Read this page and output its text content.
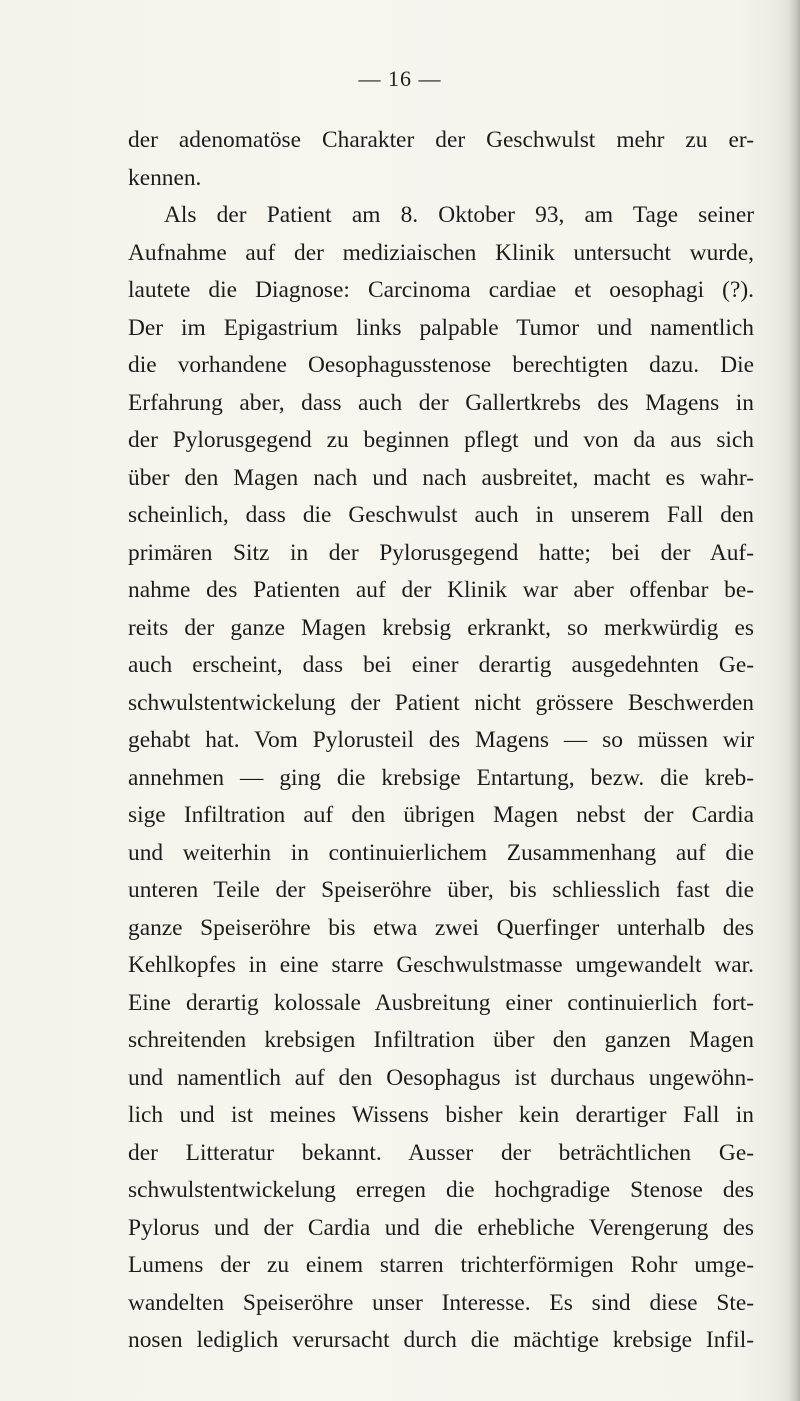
— 16 —
der adenomatöse Charakter der Geschwulst mehr zu er-
kennen.
Als der Patient am 8. Oktober 93, am Tage seiner
Aufnahme auf der mediziaischen Klinik untersucht wurde,
lautete die Diagnose: Carcinoma cardiae et oesophagi (?).
Der im Epigastrium links palpable Tumor und namentlich
die vorhandene Oesophagusstenose berechtigten dazu. Die
Erfahrung aber, dass auch der Gallertkrebs des Magens in
der Pylorusgegend zu beginnen pflegt und von da aus sich
über den Magen nach und nach ausbreitet, macht es wahr-
scheinlich, dass die Geschwulst auch in unserem Fall den
primären Sitz in der Pylorusgegend hatte; bei der Auf-
nahme des Patienten auf der Klinik war aber offenbar be-
reits der ganze Magen krebsig erkrankt, so merkwürdig es
auch erscheint, dass bei einer derartig ausgedehnten Ge-
schwulstentwickelung der Patient nicht grössere Beschwerden
gehabt hat. Vom Pylorusteil des Magens — so müssen wir
annehmen — ging die krebsige Entartung, bezw. die kreb-
sige Infiltration auf den übrigen Magen nebst der Cardia
und weiterhin in continuierlichem Zusammenhang auf die
unteren Teile der Speiseröhre über, bis schliesslich fast die
ganze Speiseröhre bis etwa zwei Querfinger unterhalb des
Kehlkopfes in eine starre Geschwulstmasse umgewandelt war.
Eine derartig kolossale Ausbreitung einer continuierlich fort-
schreitenden krebsigen Infiltration über den ganzen Magen
und namentlich auf den Oesophagus ist durchaus ungewöhn-
lich und ist meines Wissens bisher kein derartiger Fall in
der Litteratur bekannt. Ausser der beträchtlichen Ge-
schwulstentwickelung erregen die hochgradige Stenose des
Pylorus und der Cardia und die erhebliche Verengerung des
Lumens der zu einem starren trichterförmigen Rohr umge-
wandelten Speiseröhre unser Interesse. Es sind diese Ste-
nosen lediglich verursacht durch die mächtige krebsige Infil-
